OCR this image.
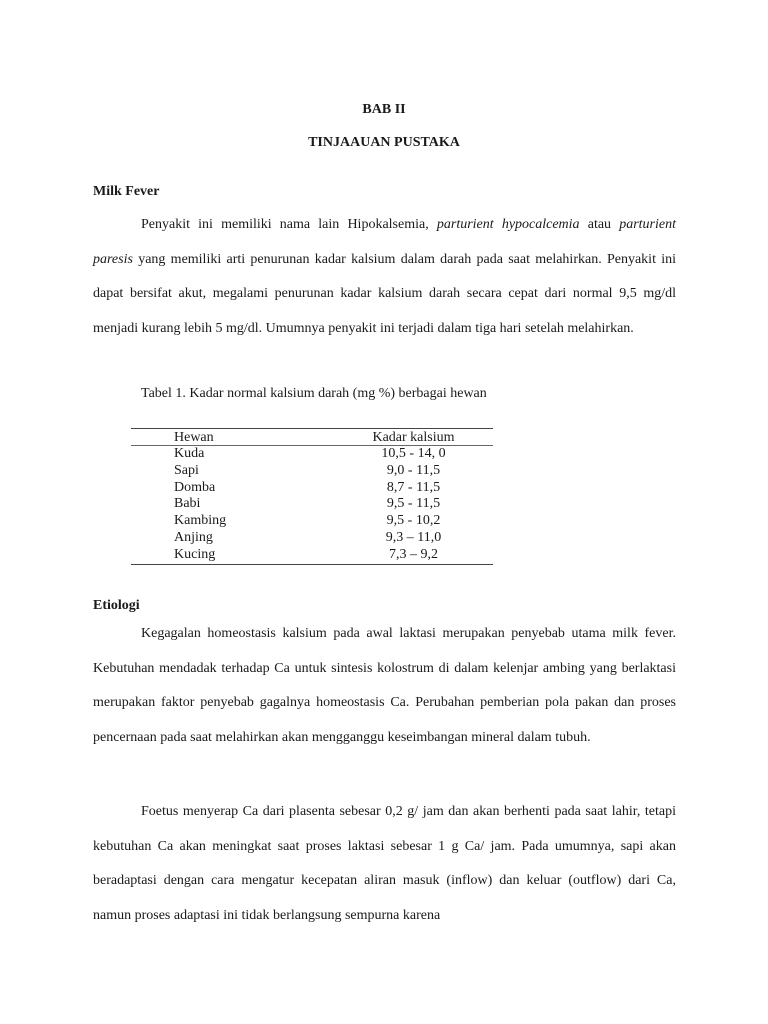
BAB II
TINJAAUAN PUSTAKA
Milk Fever

Penyakit ini memiliki nama lain Hipokalsemia, parturient hypocalcemia atau parturient paresis yang memiliki arti penurunan kadar kalsium dalam darah pada saat melahirkan. Penyakit ini dapat bersifat akut, megalami penurunan kadar kalsium darah secara cepat dari normal 9,5 mg/dl menjadi kurang lebih 5 mg/dl. Umumnya penyakit ini terjadi dalam tiga hari setelah melahirkan.

Tabel 1. Kadar normal kalsium darah (mg %) berbagai hewan
Hewan	Kadar kalsium
Kuda	10,5 - 14, 0
Sapi	9,0 - 11,5
Domba	8,7 - 11,5
Babi	9,5 - 11,5
Kambing	9,5 - 10,2
Anjing	9,3 – 11,0
Kucing	7,3 – 9,2
Etiologi

Kegagalan homeostasis kalsium pada awal laktasi merupakan penyebab utama milk fever. Kebutuhan mendadak terhadap Ca untuk sintesis kolostrum di dalam kelenjar ambing yang berlaktasi merupakan faktor penyebab gagalnya homeostasis Ca. Perubahan pemberian pola pakan dan proses pencernaan pada saat melahirkan akan mengganggu keseimbangan mineral dalam tubuh.

Foetus menyerap Ca dari plasenta sebesar 0,2 g/ jam dan akan berhenti pada saat lahir, tetapi kebutuhan Ca akan meningkat saat proses laktasi sebesar 1 g Ca/ jam. Pada umumnya, sapi akan beradaptasi dengan cara mengatur kecepatan aliran masuk (inflow) dan keluar (outflow) dari Ca, namun proses adaptasi ini tidak berlangsung sempurna karena
